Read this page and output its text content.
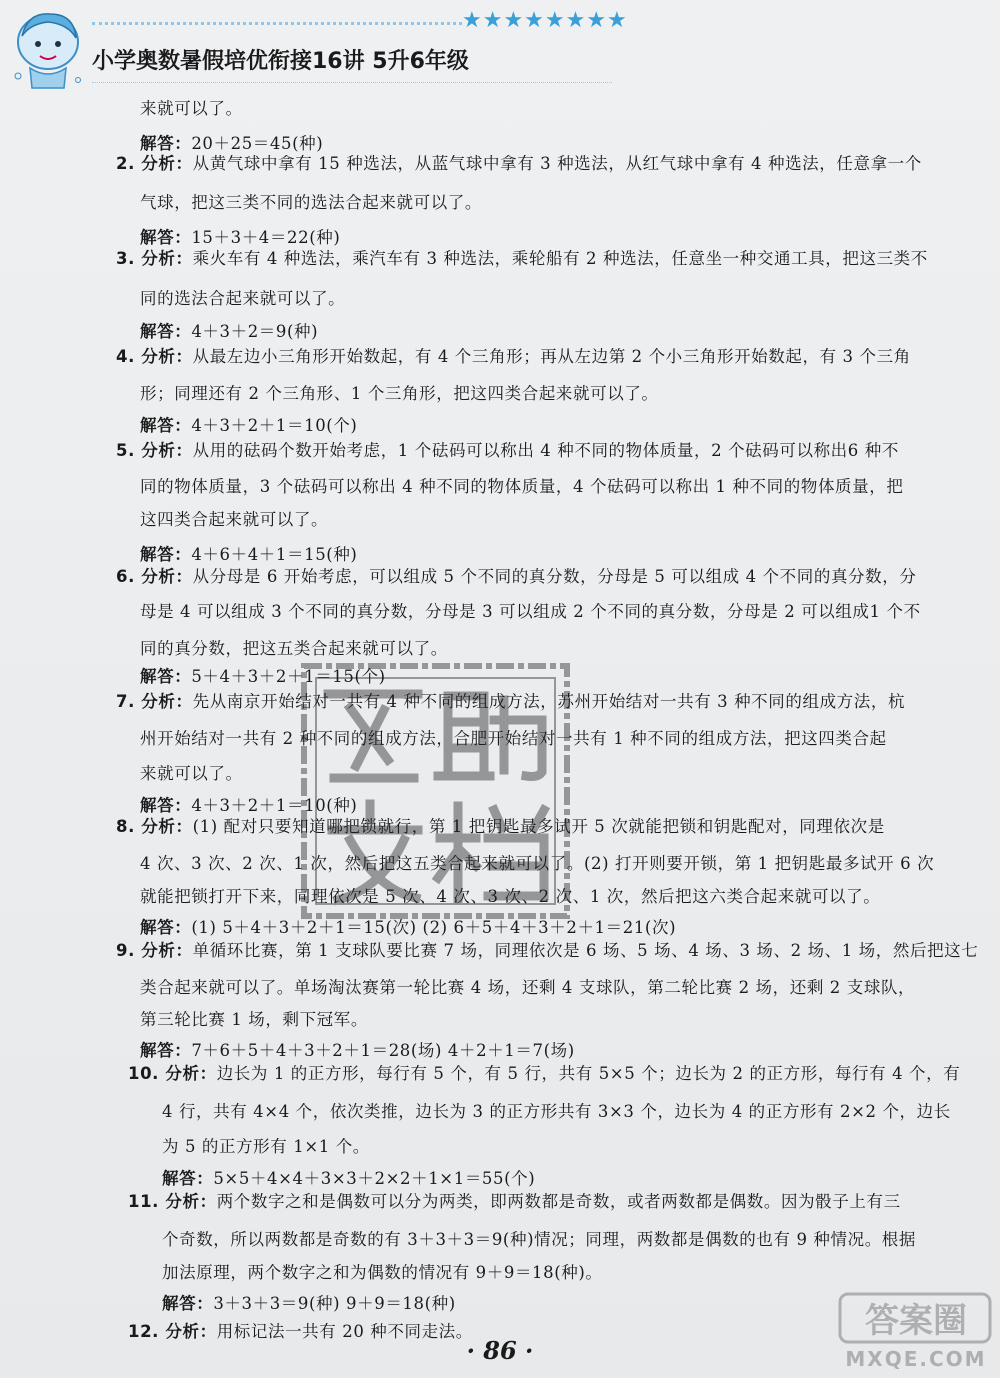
★★★★★★★★
小学奥数暑假培优衔接16讲 5升6年级
来就可以了。
解答：20＋25＝45(种)
2. 分析：从黄气球中拿有 15 种选法，从蓝气球中拿有 3 种选法，从红气球中拿有 4 种选法，任意拿一个
气球，把这三类不同的选法合起来就可以了。
解答：15＋3＋4＝22(种)
3. 分析：乘火车有 4 种选法，乘汽车有 3 种选法，乘轮船有 2 种选法，任意坐一种交通工具，把这三类不
同的选法合起来就可以了。
解答：4＋3＋2＝9(种)
4. 分析：从最左边小三角形开始数起，有 4 个三角形；再从左边第 2 个小三角形开始数起，有 3 个三角
形；同理还有 2 个三角形、1 个三角形，把这四类合起来就可以了。
解答：4＋3＋2＋1＝10(个)
5. 分析：从用的砝码个数开始考虑，1 个砝码可以称出 4 种不同的物体质量，2 个砝码可以称出6 种不
同的物体质量，3 个砝码可以称出 4 种不同的物体质量，4 个砝码可以称出 1 种不同的物体质量，把
这四类合起来就可以了。
解答：4＋6＋4＋1＝15(种)
6. 分析：从分母是 6 开始考虑，可以组成 5 个不同的真分数，分母是 5 可以组成 4 个不同的真分数，分
母是 4 可以组成 3 个不同的真分数，分母是 3 可以组成 2 个不同的真分数，分母是 2 可以组成1 个不
同的真分数，把这五类合起来就可以了。
解答：5＋4＋3＋2＋1＝15(个)
7. 分析：先从南京开始结对一共有 4 种不同的组成方法，苏州开始结对一共有 3 种不同的组成方法，杭
州开始结对一共有 2 种不同的组成方法，合肥开始结对一共有 1 种不同的组成方法，把这四类合起
来就可以了。
解答：4＋3＋2＋1＝10(种)
8. 分析：(1) 配对只要知道哪把锁就行，第 1 把钥匙最多试开 5 次就能把锁和钥匙配对，同理依次是
4 次、3 次、2 次、1 次，然后把这五类合起来就可以了。(2) 打开则要开锁，第 1 把钥匙最多试开 6 次
就能把锁打开下来，同理依次是 5 次、4 次、3 次、2 次、1 次，然后把这六类合起来就可以了。
解答：(1) 5＋4＋3＋2＋1＝15(次) (2) 6＋5＋4＋3＋2＋1＝21(次)
9. 分析：单循环比赛，第 1 支球队要比赛 7 场，同理依次是 6 场、5 场、4 场、3 场、2 场、1 场，然后把这七
类合起来就可以了。单场淘汰赛第一轮比赛 4 场，还剩 4 支球队，第二轮比赛 2 场，还剩 2 支球队，
第三轮比赛 1 场，剩下冠军。
解答：7＋6＋5＋4＋3＋2＋1＝28(场) 4＋2＋1＝7(场)
10. 分析：边长为 1 的正方形，每行有 5 个，有 5 行，共有 5×5 个；边长为 2 的正方形，每行有 4 个，有
4 行，共有 4×4 个，依次类推，边长为 3 的正方形共有 3×3 个，边长为 4 的正方形有 2×2 个，边长
为 5 的正方形有 1×1 个。
解答：5×5＋4×4＋3×3＋2×2＋1×1＝55(个)
11. 分析：两个数字之和是偶数可以分为两类，即两数都是奇数，或者两数都是偶数。因为骰子上有三
个奇数，所以两数都是奇数的有 3＋3＋3＝9(种)情况；同理，两数都是偶数的也有 9 种情况。根据
加法原理，两个数字之和为偶数的情况有 9＋9＝18(种)。
解答：3＋3＋3＝9(种) 9＋9＝18(种)
12. 分析：用标记法一共有 20 种不同走法。	答案圈
MXQE.COM
· 86 ·
